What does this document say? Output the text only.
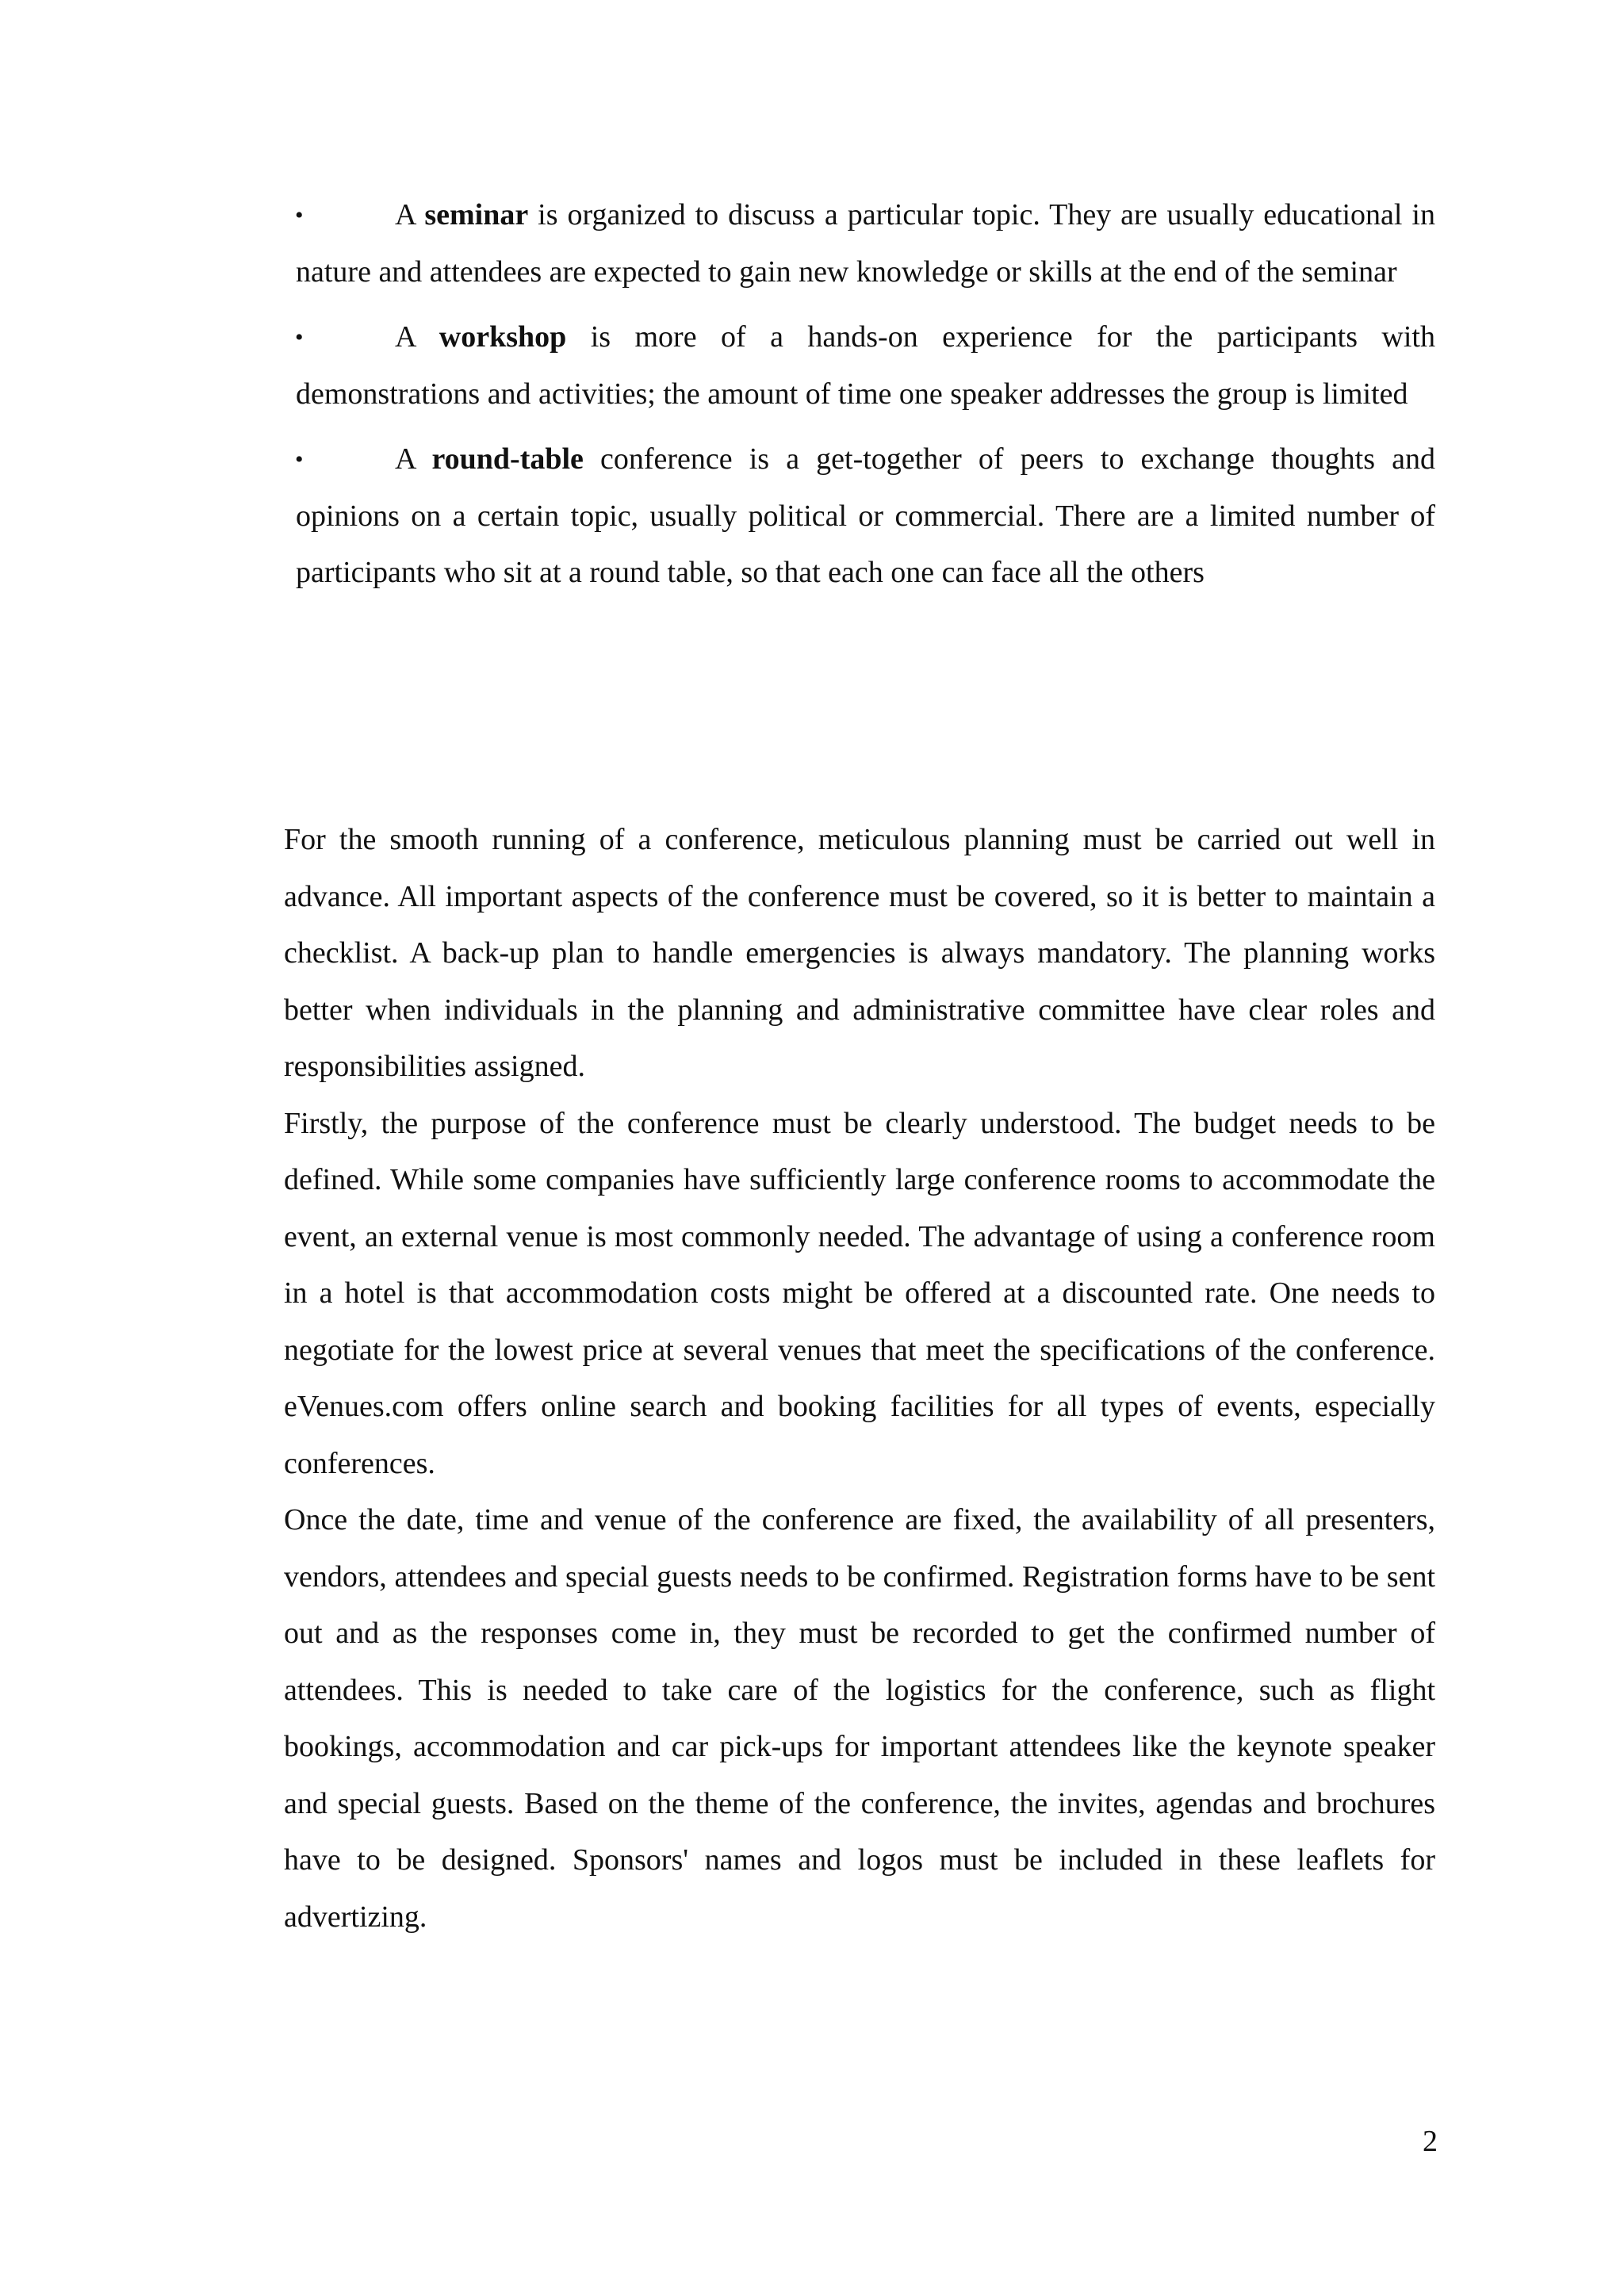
•	A seminar is organized to discuss a particular topic. They are usually educational in nature and attendees are expected to gain new knowledge or skills at the end of the seminar
•	A workshop is more of a hands-on experience for the participants with demonstrations and activities; the amount of time one speaker addresses the group is limited
•	A round-table conference is a get-together of peers to exchange thoughts and opinions on a certain topic, usually political or commercial. There are a limited number of participants who sit at a round table, so that each one can face all the others

For the smooth running of a conference, meticulous planning must be carried out well in advance. All important aspects of the conference must be covered, so it is better to maintain a checklist. A back-up plan to handle emergencies is always mandatory. The planning works better when individuals in the planning and administrative committee have clear roles and responsibilities assigned.

Firstly, the purpose of the conference must be clearly understood. The budget needs to be defined. While some companies have sufficiently large conference rooms to accommodate the event, an external venue is most commonly needed. The advantage of using a conference room in a hotel is that accommodation costs might be offered at a discounted rate. One needs to negotiate for the lowest price at several venues that meet the specifications of the conference. eVenues.com offers online search and booking facilities for all types of events, especially conferences.

Once the date, time and venue of the conference are fixed, the availability of all presenters, vendors, attendees and special guests needs to be confirmed. Registration forms have to be sent out and as the responses come in, they must be recorded to get the confirmed number of attendees. This is needed to take care of the logistics for the conference, such as flight bookings, accommodation and car pick-ups for important attendees like the keynote speaker and special guests. Based on the theme of the conference, the invites, agendas and brochures have to be designed. Sponsors' names and logos must be included in these leaflets for advertizing.

2
